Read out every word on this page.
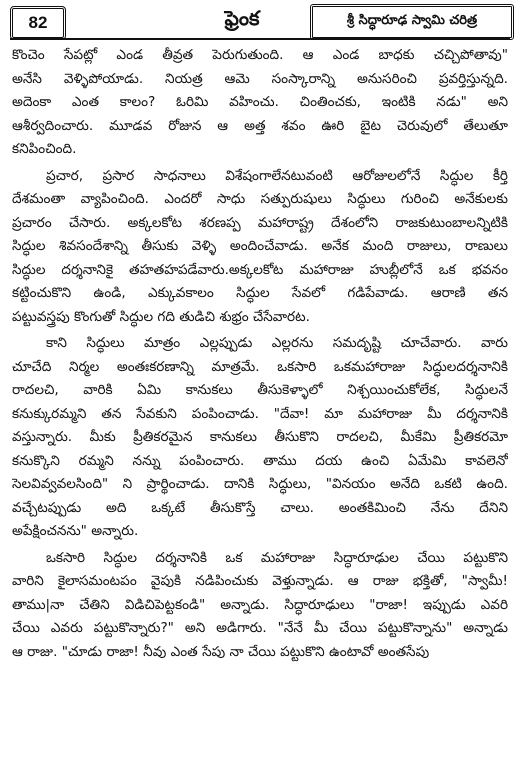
82	ఫ్రెంక	శ్రీ సిద్ధారూఢ స్వామి చరిత్ర

కొంచెం సేపట్లో ఎండ తీవ్రత పెరుగుతుంది. ఆ ఎండ బాధకు చచ్చిపోతావు"
అనేసి వెళ్ళిపోయాడు. నియత్ర ఆమె సంస్కారాన్ని అనుసరించి ప్రవర్తిస్తున్నది.
అదెంకా ఎంత కాలం? ఓరిమి వహించు. చింతించకు, ఇంటికి నడు" అని
ఆశీర్వదించారు. మూడవ రోజున ఆ అత్త శవం ఊరి బైట చెరువులో తేలుతూ
కనిపించింది.

ప్రచార, ప్రసార సాధనాలు విశేషంగాలేనటువంటి ఆరోజులలోనే సిద్ధుల కీర్తి
దేశమంతా వ్యాపించింది. ఎందరో సాధు సత్పురుషులు సిద్ధులు గురించి అనేకులకు
ప్రచారం చేసారు. అక్కలకోట శరణప్ప మహారాష్ట్ర దేశంలోని రాజకుటుంబాలన్నిటికి
సిద్ధుల శివసందేశాన్ని తీసుకు వెళ్ళి అందించేవాడు. అనేక మంది రాజులు, రాణులు
సిద్ధుల దర్శనానికై తహతహపడేవారు.అక్కలకోట మహారాజు హుబ్లీలోనే ఒక భవనం
కట్టించుకొని ఉండి, ఎక్కువకాలం సిద్ధుల సేవలో గడిపేవాడు. ఆరాణి తన
పట్టువస్త్రపు కొంగుతో సిద్ధుల గది తుడిచి శుభ్రం చేసేవారట.

కాని సిద్ధులు మాత్రం ఎల్లప్పుడు ఎల్లరను సమదృష్టి చూచేవారు. వారు
చూచేది నిర్మల అంతఃకరణాన్ని మాత్రమే. ఒకసారి ఒకమహారాజు సిద్ధులదర్శనానికి
రాదలచి, వారికి ఏమి కానుకలు తీసుకెళ్ళాలో నిశ్చయించుకోలేక, సిద్ధులనే
కనుక్కురమ్మని తన సేవకుని పంపించాడు. "దేవా! మా మహారాజు మీ దర్శనానికి
వస్తున్నారు. మీకు ప్రీతికరమైన కానుకలు తీసుకొని రాదలచి, మీకేమి ప్రీతికరమో
కనుక్కొని రమ్మని నన్ను పంపించారు. తాము దయ ఉంచి ఏమేమి కావలెనో
సెలవివ్వవలసింది" ని ప్రార్థించాడు. దానికి సిద్ధులు, "వినయం అనేది ఒకటి ఉంది.
వచ్చేటప్పుడు అది ఒక్కటే తీసుకొస్తే చాలు. అంతకిమించి నేను దేనిని
అపేక్షించనను" అన్నారు.

ఒకసారి సిద్ధుల దర్శనానికి ఒక మహారాజు సిద్ధారూఢుల చేయి పట్టుకొని
వారిని కైలాసమంటపం వైపుకి నడిపించుకు వెళ్తున్నాడు. ఆ రాజు భక్తితో, "స్వామీ!
తాము|నా చేతిని విడిచిపెట్టకండి" అన్నాడు. సిద్ధారూఢులు "రాజా! ఇప్పుడు ఎవరి
చేయి ఎవరు పట్టుకొన్నారు?" అని అడిగారు. "నేనే మీ చేయి పట్టుకొన్నాను" అన్నాడు
ఆ రాజు. "చూడు రాజా! నీవు ఎంత సేపు నా చేయి పట్టుకొని ఉంటావో అంతసేపు
